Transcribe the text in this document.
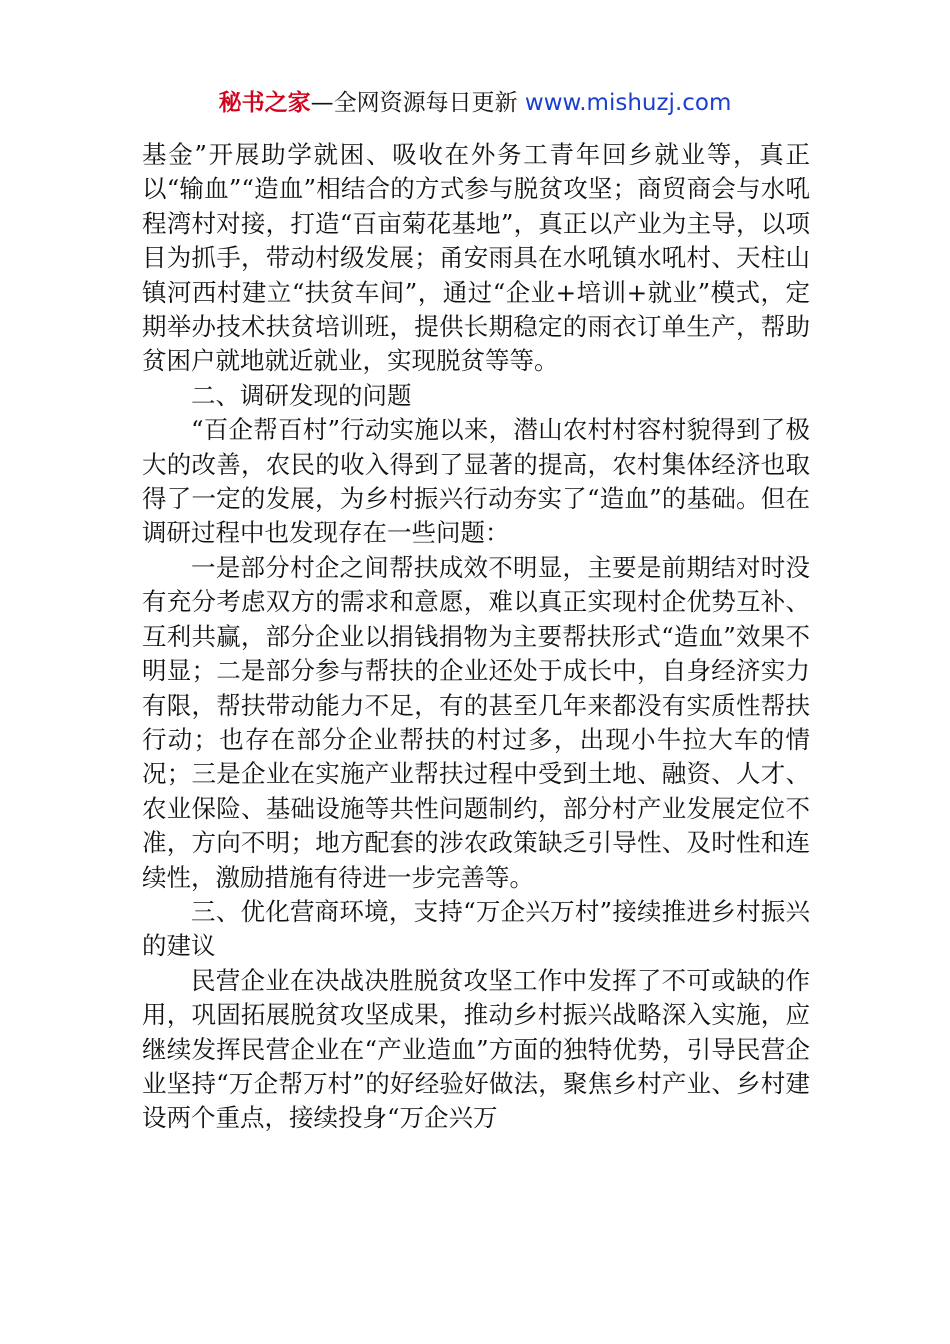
秘书之家—全网资源每日更新 www.mishuzj.com

基金”开展助学就困、吸收在外务工青年回乡就业等，真正以“输血”“造血”相结合的方式参与脱贫攻坚；商贸商会与水吼程湾村对接，打造“百亩菊花基地”，真正以产业为主导，以项目为抓手，带动村级发展；甬安雨具在水吼镇水吼村、天柱山镇河西村建立“扶贫车间”，通过“企业+培训+就业”模式，定期举办技术扶贫培训班，提供长期稳定的雨衣订单生产，帮助贫困户就地就近就业，实现脱贫等等。

二、调研发现的问题

“百企帮百村”行动实施以来，潜山农村村容村貌得到了极大的改善，农民的收入得到了显著的提高，农村集体经济也取得了一定的发展，为乡村振兴行动夯实了“造血”的基础。但在调研过程中也发现存在一些问题：

一是部分村企之间帮扶成效不明显，主要是前期结对时没有充分考虑双方的需求和意愿，难以真正实现村企优势互补、互利共赢，部分企业以捐钱捐物为主要帮扶形式“造血”效果不明显；二是部分参与帮扶的企业还处于成长中，自身经济实力有限，帮扶带动能力不足，有的甚至几年来都没有实质性帮扶行动；也存在部分企业帮扶的村过多，出现小牛拉大车的情况；三是企业在实施产业帮扶过程中受到土地、融资、人才、农业保险、基础设施等共性问题制约，部分村产业发展定位不准，方向不明；地方配套的涉农政策缺乏引导性、及时性和连续性，激励措施有待进一步完善等。

三、优化营商环境，支持“万企兴万村”接续推进乡村振兴的建议

民营企业在决战决胜脱贫攻坚工作中发挥了不可或缺的作用，巩固拓展脱贫攻坚成果，推动乡村振兴战略深入实施，应继续发挥民营企业在“产业造血”方面的独特优势，引导民营企业坚持“万企帮万村”的好经验好做法，聚焦乡村产业、乡村建设两个重点，接续投身“万企兴万
